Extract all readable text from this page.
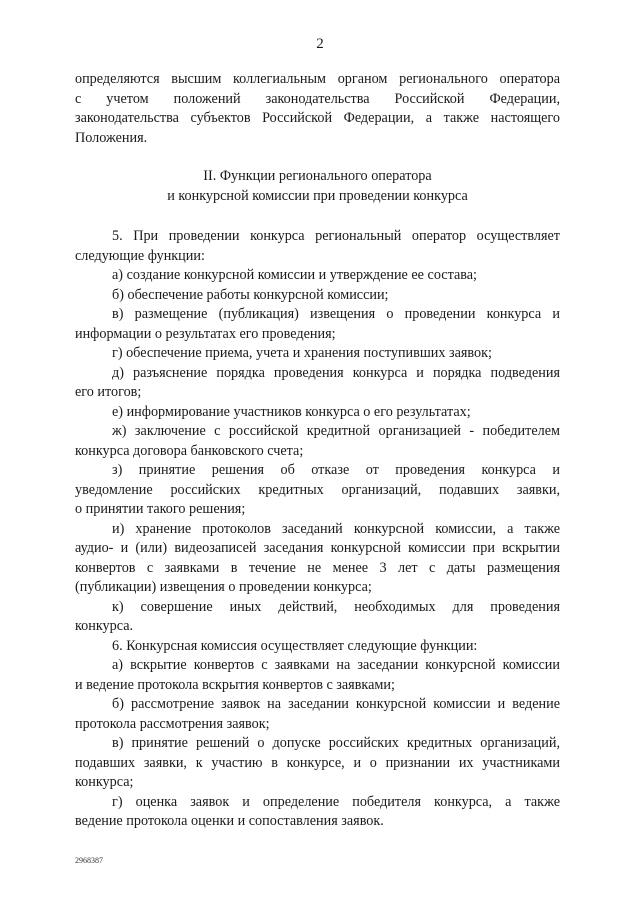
2
определяются высшим коллегиальным органом регионального оператора
с учетом положений законодательства Российской Федерации,
законодательства субъектов Российской Федерации, а также настоящего
Положения.
II. Функции регионального оператора
и конкурсной комиссии при проведении конкурса
5. При проведении конкурса региональный оператор осуществляет
следующие функции:
а) создание конкурсной комиссии и утверждение ее состава;
б) обеспечение работы конкурсной комиссии;
в) размещение (публикация) извещения о проведении конкурса и
информации о результатах его проведения;
г) обеспечение приема, учета и хранения поступивших заявок;
д) разъяснение порядка проведения конкурса и порядка подведения
его итогов;
е) информирование участников конкурса о его результатах;
ж) заключение с российской кредитной организацией - победителем
конкурса договора банковского счета;
з) принятие решения об отказе от проведения конкурса и
уведомление российских кредитных организаций, подавших заявки,
о принятии такого решения;
и) хранение протоколов заседаний конкурсной комиссии, а также
аудио- и (или) видеозаписей заседания конкурсной комиссии при вскрытии
конвертов с заявками в течение не менее 3 лет с даты размещения
(публикации) извещения о проведении конкурса;
к) совершение иных действий, необходимых для проведения
конкурса.
6. Конкурсная комиссия осуществляет следующие функции:
а) вскрытие конвертов с заявками на заседании конкурсной комиссии
и ведение протокола вскрытия конвертов с заявками;
б) рассмотрение заявок на заседании конкурсной комиссии и ведение
протокола рассмотрения заявок;
в) принятие решений о допуске российских кредитных организаций,
подавших заявки, к участию в конкурсе, и о признании их участниками
конкурса;
г) оценка заявок и определение победителя конкурса, а также
ведение протокола оценки и сопоставления заявок.
2968387
